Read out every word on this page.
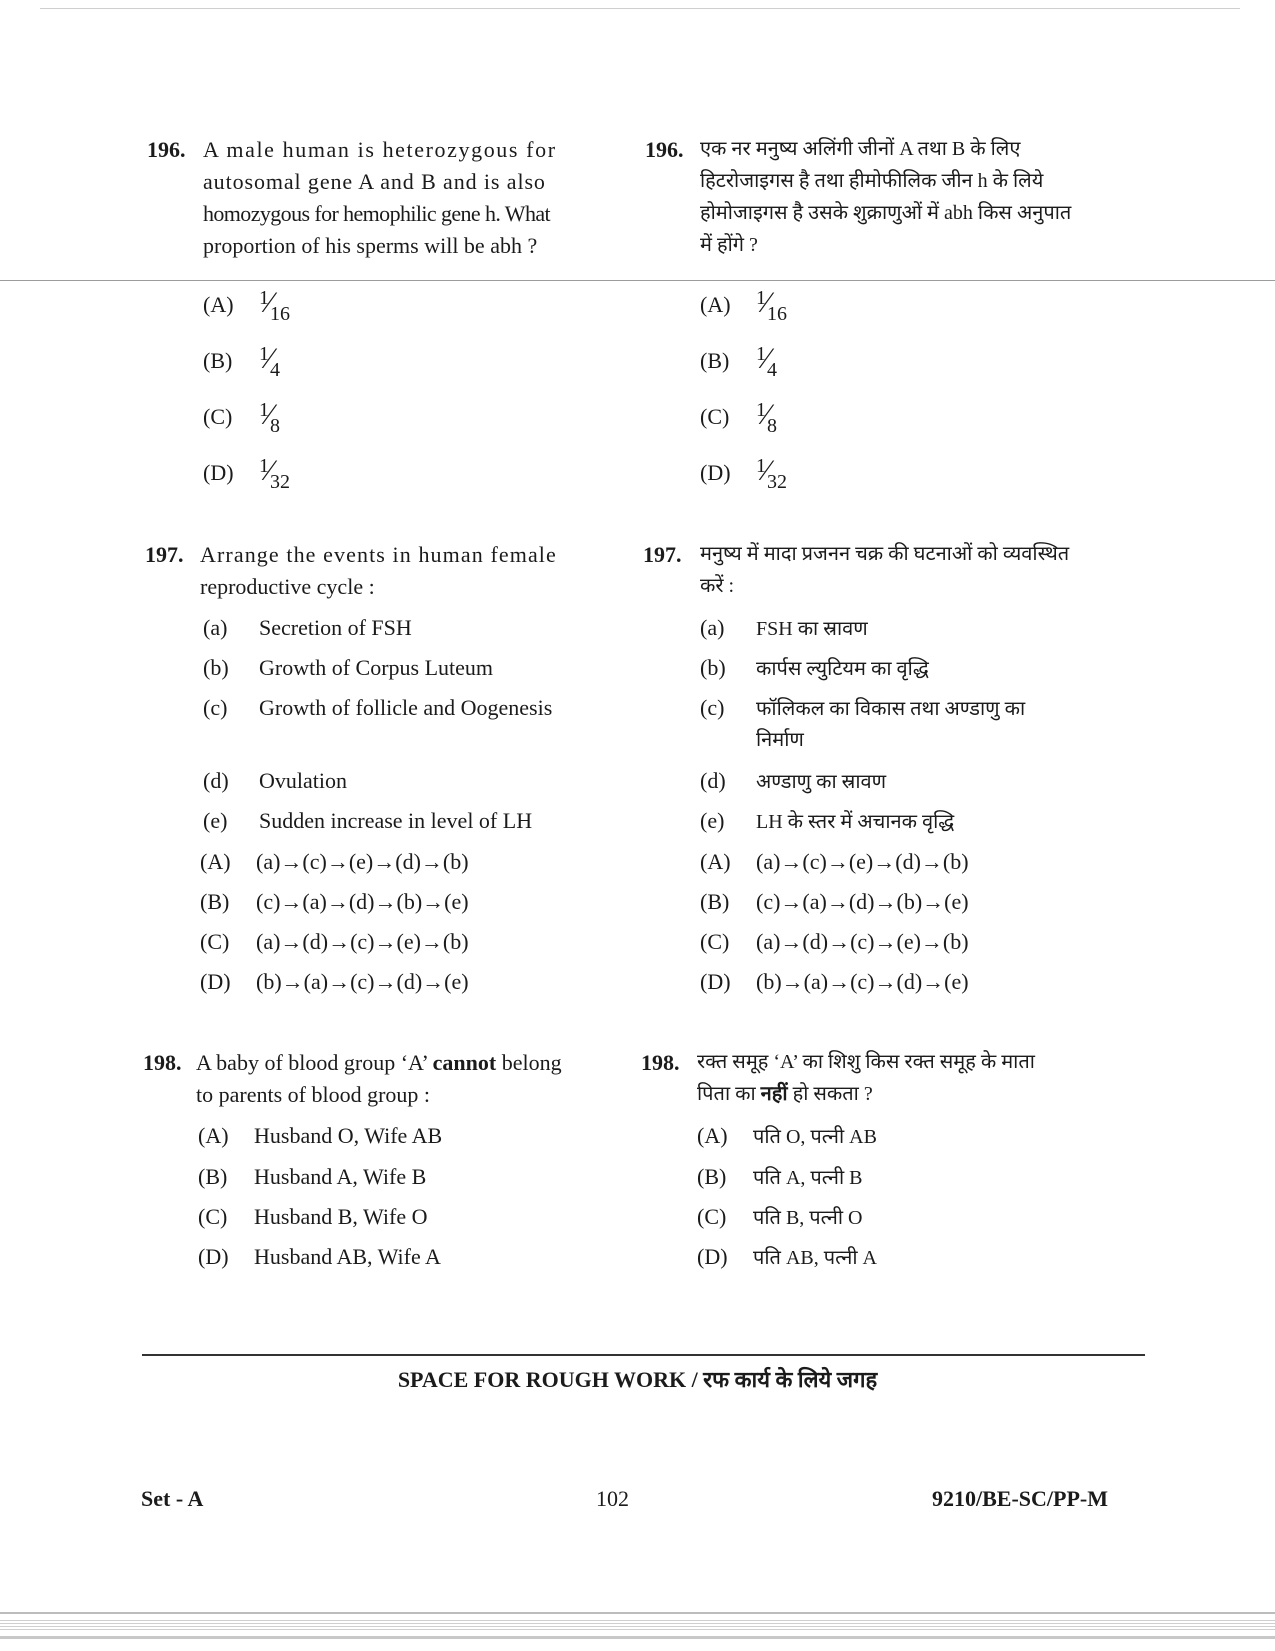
196. A male human is heterozygous for
autosomal gene A and B and is also
homozygous for hemophilic gene h. What
proportion of his sperms will be abh ?
196. एक नर मनुष्य अलिंगी जीनों A तथा B के लिए
हिटरोजाइगस है तथा हीमोफीलिक जीन h के लिये
होमोजाइगस है उसके शुक्राणुओं में abh किस अनुपात
में होंगे ?
(A)	$^1⁄_{16}$
(B)	$^1⁄_4$
(C)	$^1⁄_8$
(D)	$^1⁄_{32}$
(A)	$^1⁄_{16}$
(B)	$^1⁄_4$
(C)	$^1⁄_8$
(D)	$^1⁄_{32}$
197. Arrange the events in human female
reproductive cycle :
(a)	Secretion of FSH
(b)	Growth of Corpus Luteum
(c)	Growth of follicle and Oogenesis
(d)	Ovulation
(e)	Sudden increase in level of LH
(A)	(a)→(c)→(e)→(d)→(b)
(B)	(c)→(a)→(d)→(b)→(e)
(C)	(a)→(d)→(c)→(e)→(b)
(D)	(b)→(a)→(c)→(d)→(e)
197. मनुष्य में मादा प्रजनन चक्र की घटनाओं को व्यवस्थित
करें :
(a)	FSH का स्रावण
(b)	कार्पस ल्युटियम का वृद्धि
(c)	फॉलिकल का विकास तथा अण्डाणु का
निर्माण
(d)	अण्डाणु का स्रावण
(e)	LH के स्तर में अचानक वृद्धि
(A)	(a)→(c)→(e)→(d)→(b)
(B)	(c)→(a)→(d)→(b)→(e)
(C)	(a)→(d)→(c)→(e)→(b)
(D)	(b)→(a)→(c)→(d)→(e)
198. A baby of blood group ‘A’ cannot belong
to parents of blood group :
(A)	Husband O, Wife AB
(B)	Husband A, Wife B
(C)	Husband B, Wife O
(D)	Husband AB, Wife A
198. रक्त समूह ‘A’ का शिशु किस रक्त समूह के माता
पिता का नहीं हो सकता ?
(A)	पति O, पत्नी AB
(B)	पति A, पत्नी B
(C)	पति B, पत्नी O
(D)	पति AB, पत्नी A
SPACE FOR ROUGH WORK / रफ कार्य के लिये जगह
Set - A	102	9210/BE-SC/PP-M
